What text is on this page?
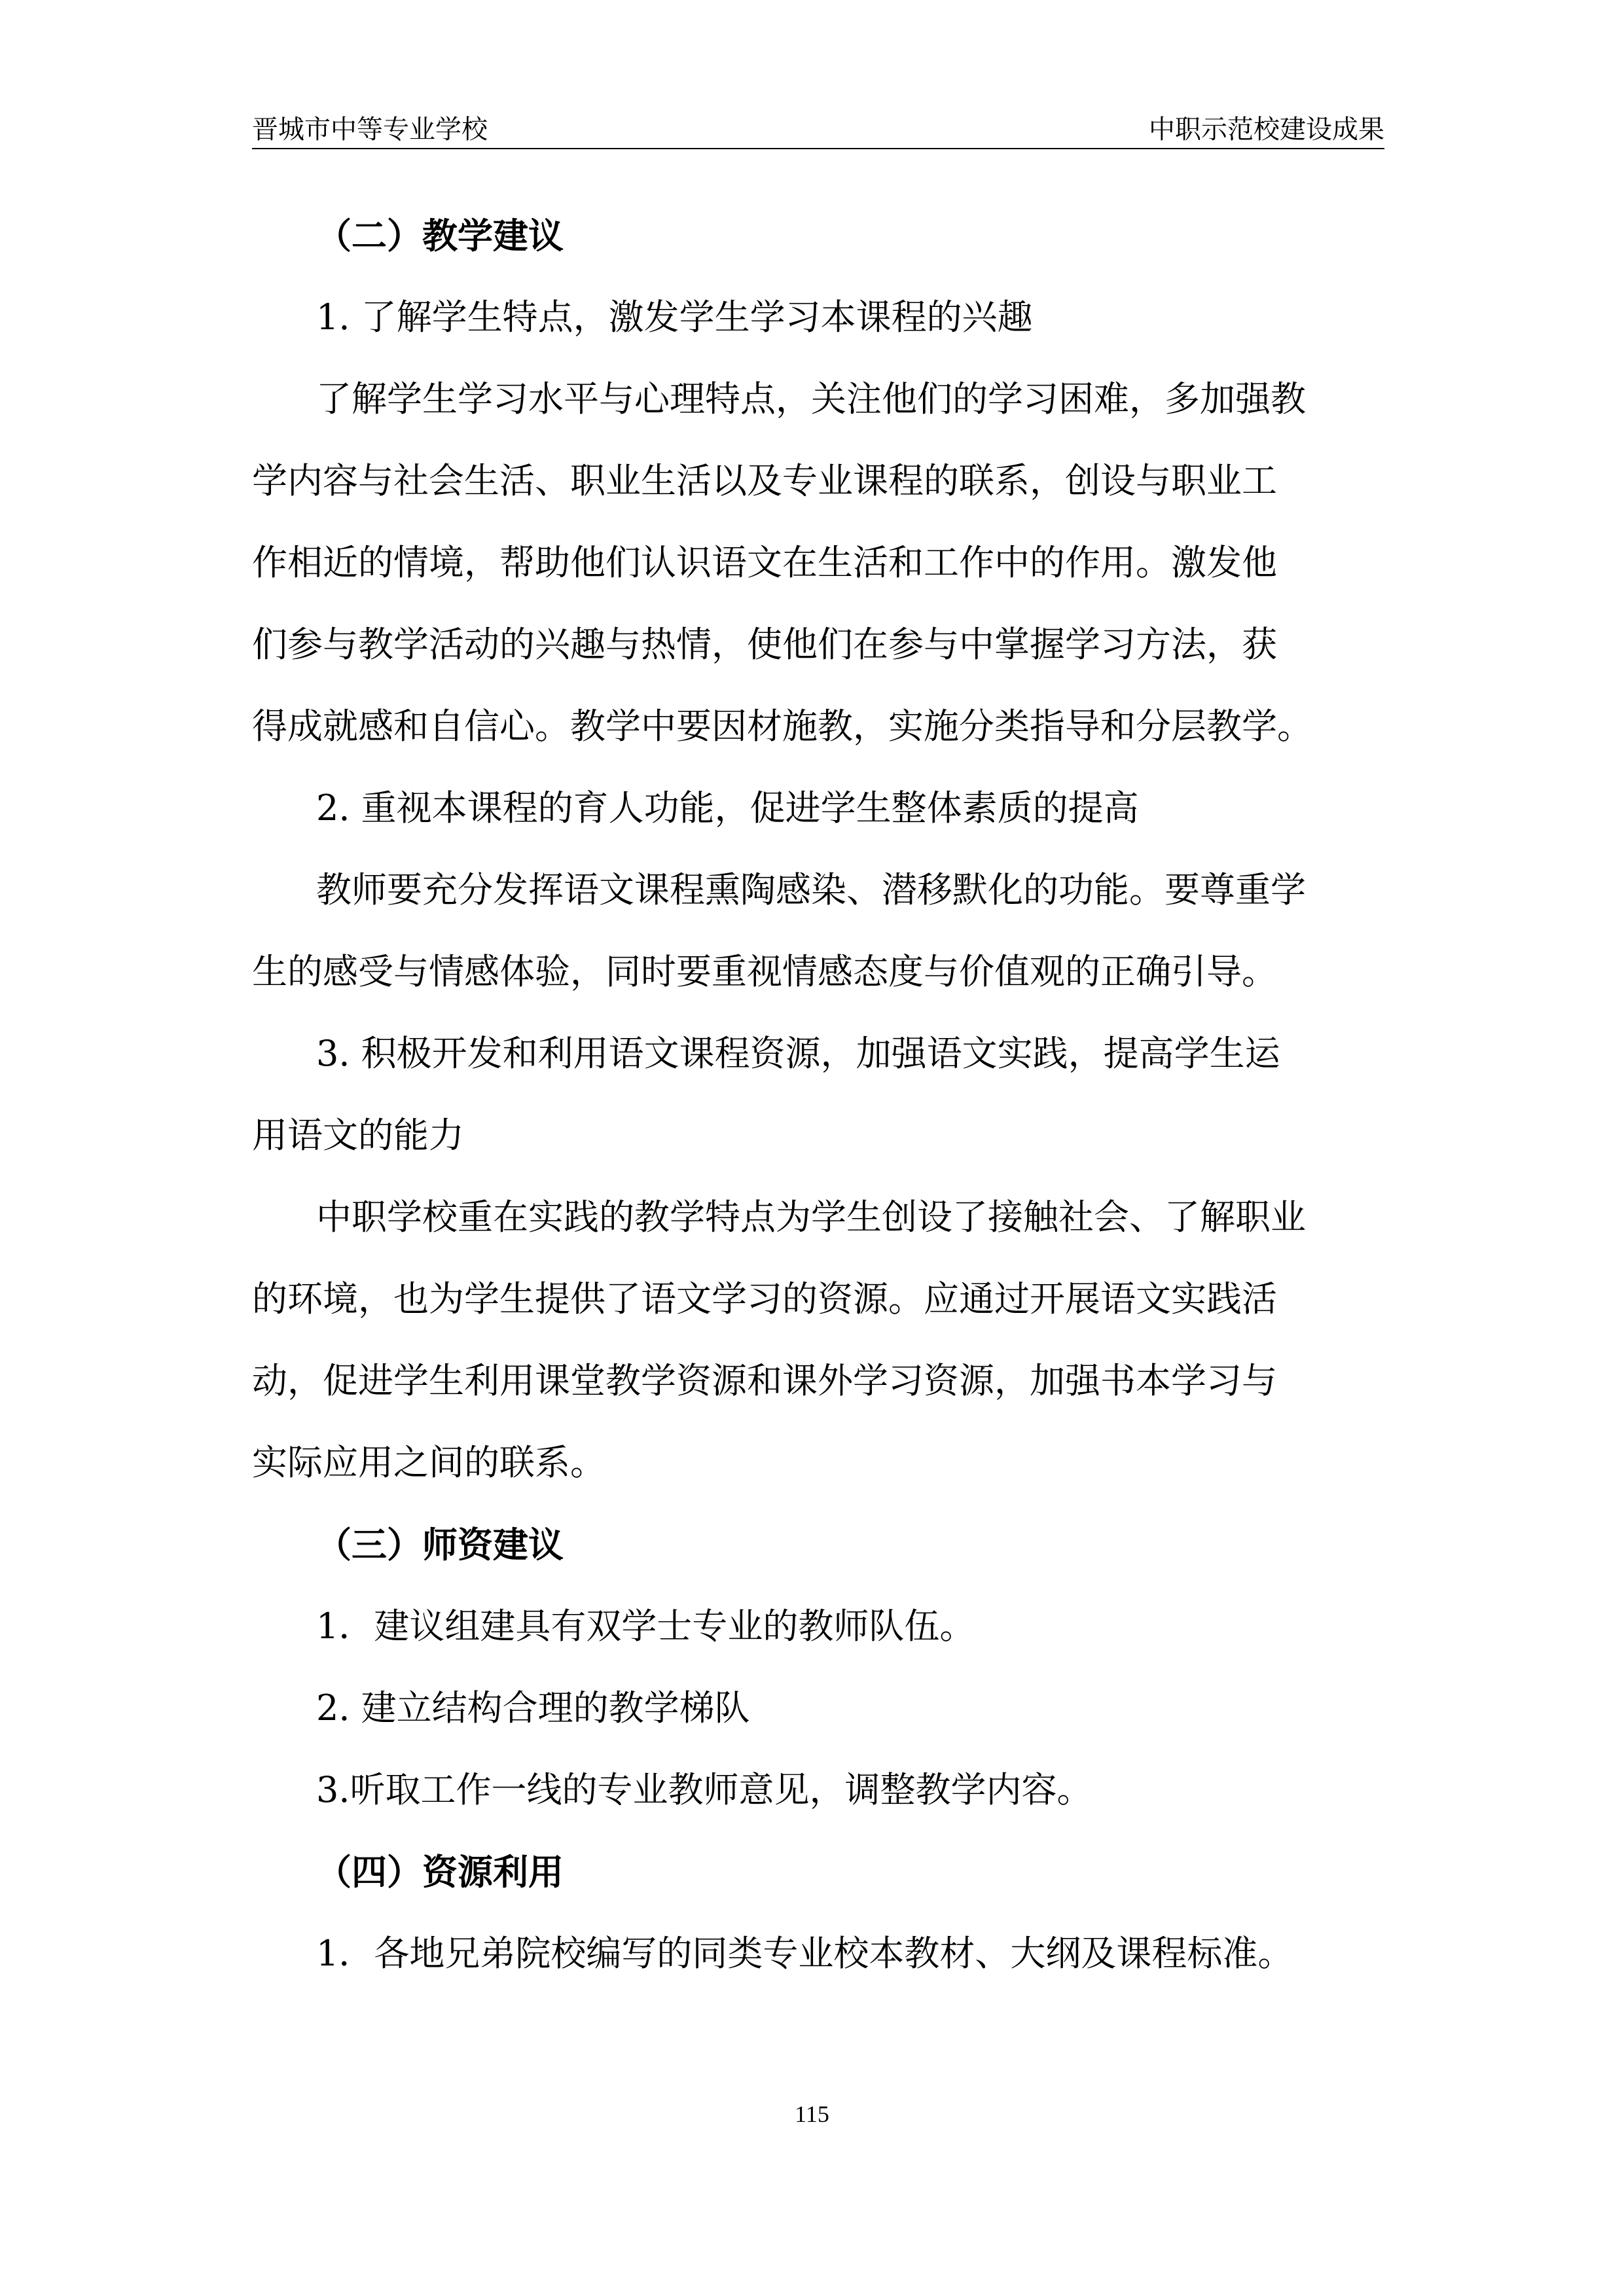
晋城市中等专业学校	中职示范校建设成果
（二）教学建议
1. 了解学生特点，激发学生学习本课程的兴趣
了解学生学习水平与心理特点，关注他们的学习困难，多加强教
学内容与社会生活、职业生活以及专业课程的联系，创设与职业工
作相近的情境，帮助他们认识语文在生活和工作中的作用。激发他
们参与教学活动的兴趣与热情，使他们在参与中掌握学习方法，获
得成就感和自信心。教学中要因材施教，实施分类指导和分层教学。
2. 重视本课程的育人功能，促进学生整体素质的提高
教师要充分发挥语文课程熏陶感染、潜移默化的功能。要尊重学
生的感受与情感体验，同时要重视情感态度与价值观的正确引导。
3. 积极开发和利用语文课程资源，加强语文实践，提高学生运
用语文的能力
中职学校重在实践的教学特点为学生创设了接触社会、了解职业
的环境，也为学生提供了语文学习的资源。应通过开展语文实践活
动，促进学生利用课堂教学资源和课外学习资源，加强书本学习与
实际应用之间的联系。
（三）师资建议
1．建议组建具有双学士专业的教师队伍。
2. 建立结构合理的教学梯队
3.听取工作一线的专业教师意见，调整教学内容。
（四）资源利用
1．各地兄弟院校编写的同类专业校本教材、大纲及课程标准。
115
